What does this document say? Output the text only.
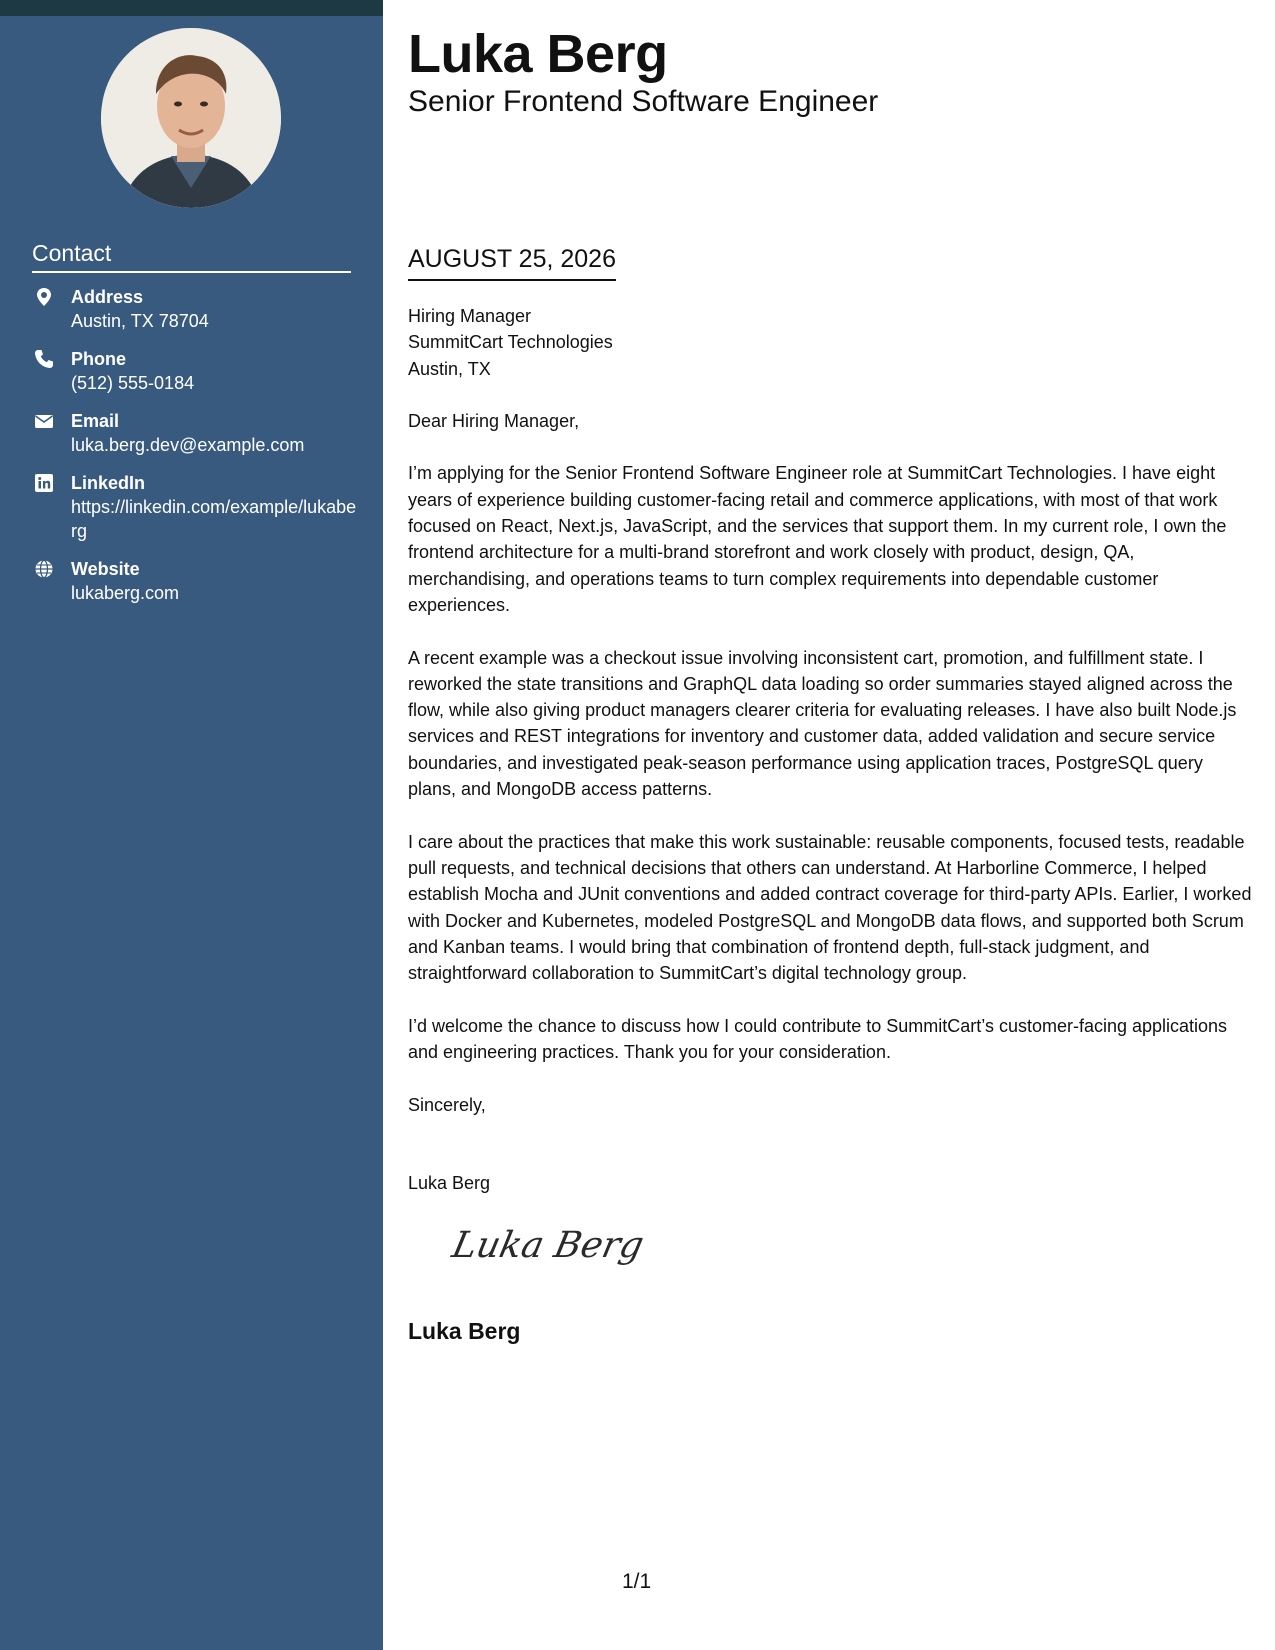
Contact
Address
Austin, TX 78704
Phone
(512) 555-0184
Email
luka.berg.dev@example.com
LinkedIn
https://linkedin.com/example/lukaberg
Website
lukaberg.com
Luka Berg
Senior Frontend Software Engineer
AUGUST 25, 2026
Hiring Manager
SummitCart Technologies
Austin, TX

Dear Hiring Manager,

I’m applying for the Senior Frontend Software Engineer role at SummitCart Technologies. I have eight years of experience building customer-facing retail and commerce applications, with most of that work focused on React, Next.js, JavaScript, and the services that support them. In my current role, I own the frontend architecture for a multi-brand storefront and work closely with product, design, QA, merchandising, and operations teams to turn complex requirements into dependable customer experiences.

A recent example was a checkout issue involving inconsistent cart, promotion, and fulfillment state. I reworked the state transitions and GraphQL data loading so order summaries stayed aligned across the flow, while also giving product managers clearer criteria for evaluating releases. I have also built Node.js services and REST integrations for inventory and customer data, added validation and secure service boundaries, and investigated peak-season performance using application traces, PostgreSQL query plans, and MongoDB access patterns.

I care about the practices that make this work sustainable: reusable components, focused tests, readable pull requests, and technical decisions that others can understand. At Harborline Commerce, I helped establish Mocha and JUnit conventions and added contract coverage for third-party APIs. Earlier, I worked with Docker and Kubernetes, modeled PostgreSQL and MongoDB data flows, and supported both Scrum and Kanban teams. I would bring that combination of frontend depth, full-stack judgment, and straightforward collaboration to SummitCart’s digital technology group.

I’d welcome the chance to discuss how I could contribute to SummitCart’s customer-facing applications and engineering practices. Thank you for your consideration.

Sincerely,

Luka Berg
Luka Berg
Luka Berg
1/1
